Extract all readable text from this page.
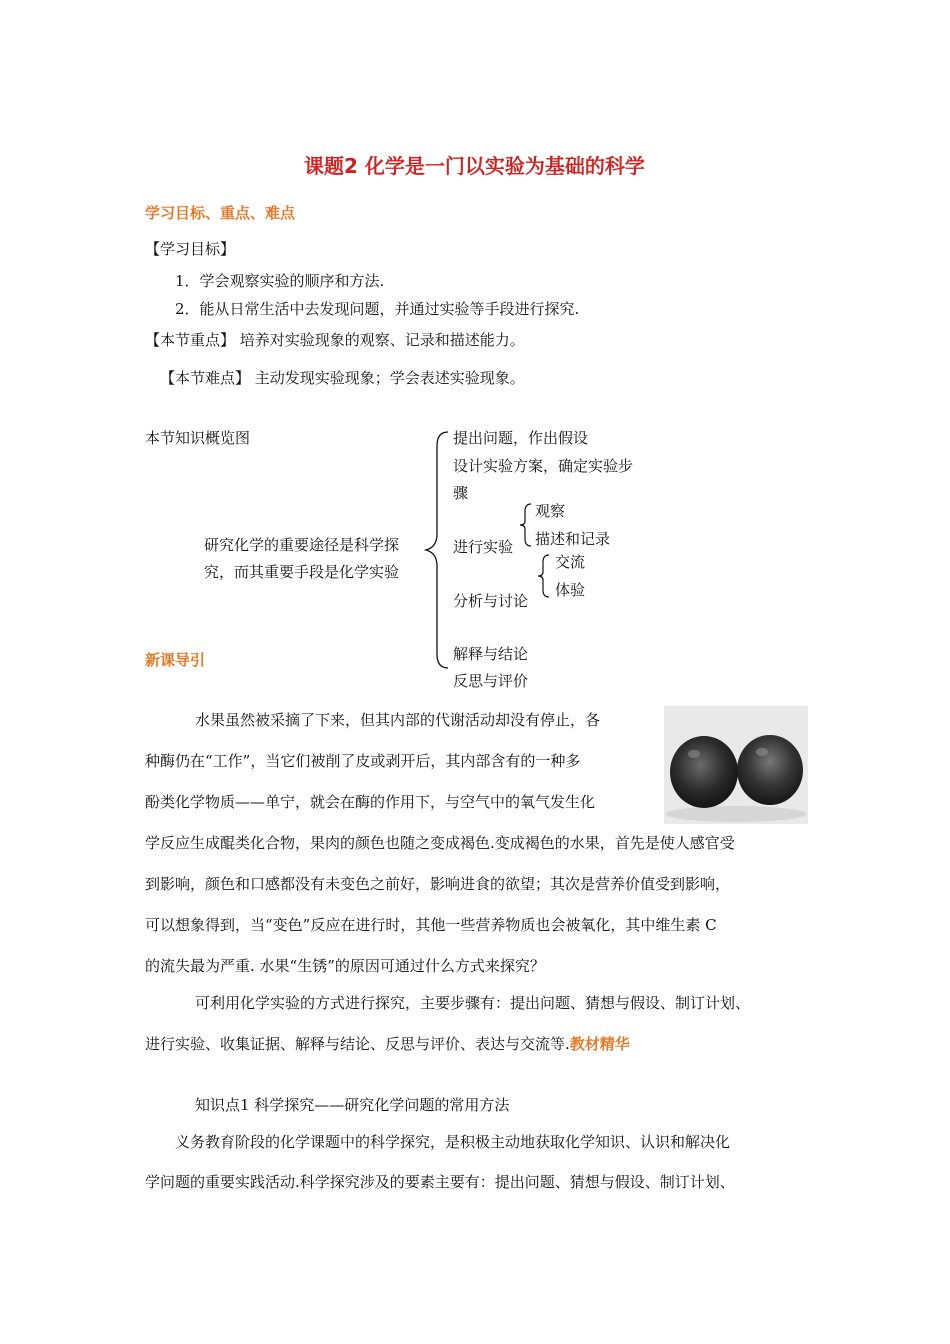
课题2 化学是一门以实验为基础的科学
学习目标、重点、难点
【学习目标】
1．学会观察实验的顺序和方法.
2．能从日常生活中去发现问题，并通过实验等手段进行探究.
【本节重点】 培养对实验现象的观察、记录和描述能力。
【本节难点】 主动发现实验现象；学会表述实验现象。
本节知识概览图
研究化学的重要途径是科学探
究，而其重要手段是化学实验
提出问题，作出假设
设计实验方案，确定实验步
骤
进行实验
观察
描述和记录
分析与讨论
交流
体验
解释与结论
反思与评价
新课导引
水果虽然被采摘了下来，但其内部的代谢活动却没有停止，各
种酶仍在“工作”，当它们被削了皮或剥开后，其内部含有的一种多
酚类化学物质——单宁，就会在酶的作用下，与空气中的氧气发生化
学反应生成醌类化合物，果肉的颜色也随之变成褐色.变成褐色的水果，首先是使人感官受
到影响，颜色和口感都没有未变色之前好，影响进食的欲望；其次是营养价值受到影响，
可以想象得到，当“变色”反应在进行时，其他一些营养物质也会被氧化，其中维生素 C
的流失最为严重. 水果“生锈”的原因可通过什么方式来探究？
可利用化学实验的方式进行探究，主要步骤有：提出问题、猜想与假设、制订计划、
进行实验、收集证据、解释与结论、反思与评价、表达与交流等.教材精华
知识点1 科学探究——研究化学问题的常用方法
义务教育阶段的化学课题中的科学探究，是积极主动地获取化学知识、认识和解决化
学问题的重要实践活动.科学探究涉及的要素主要有：提出问题、猜想与假设、制订计划、
